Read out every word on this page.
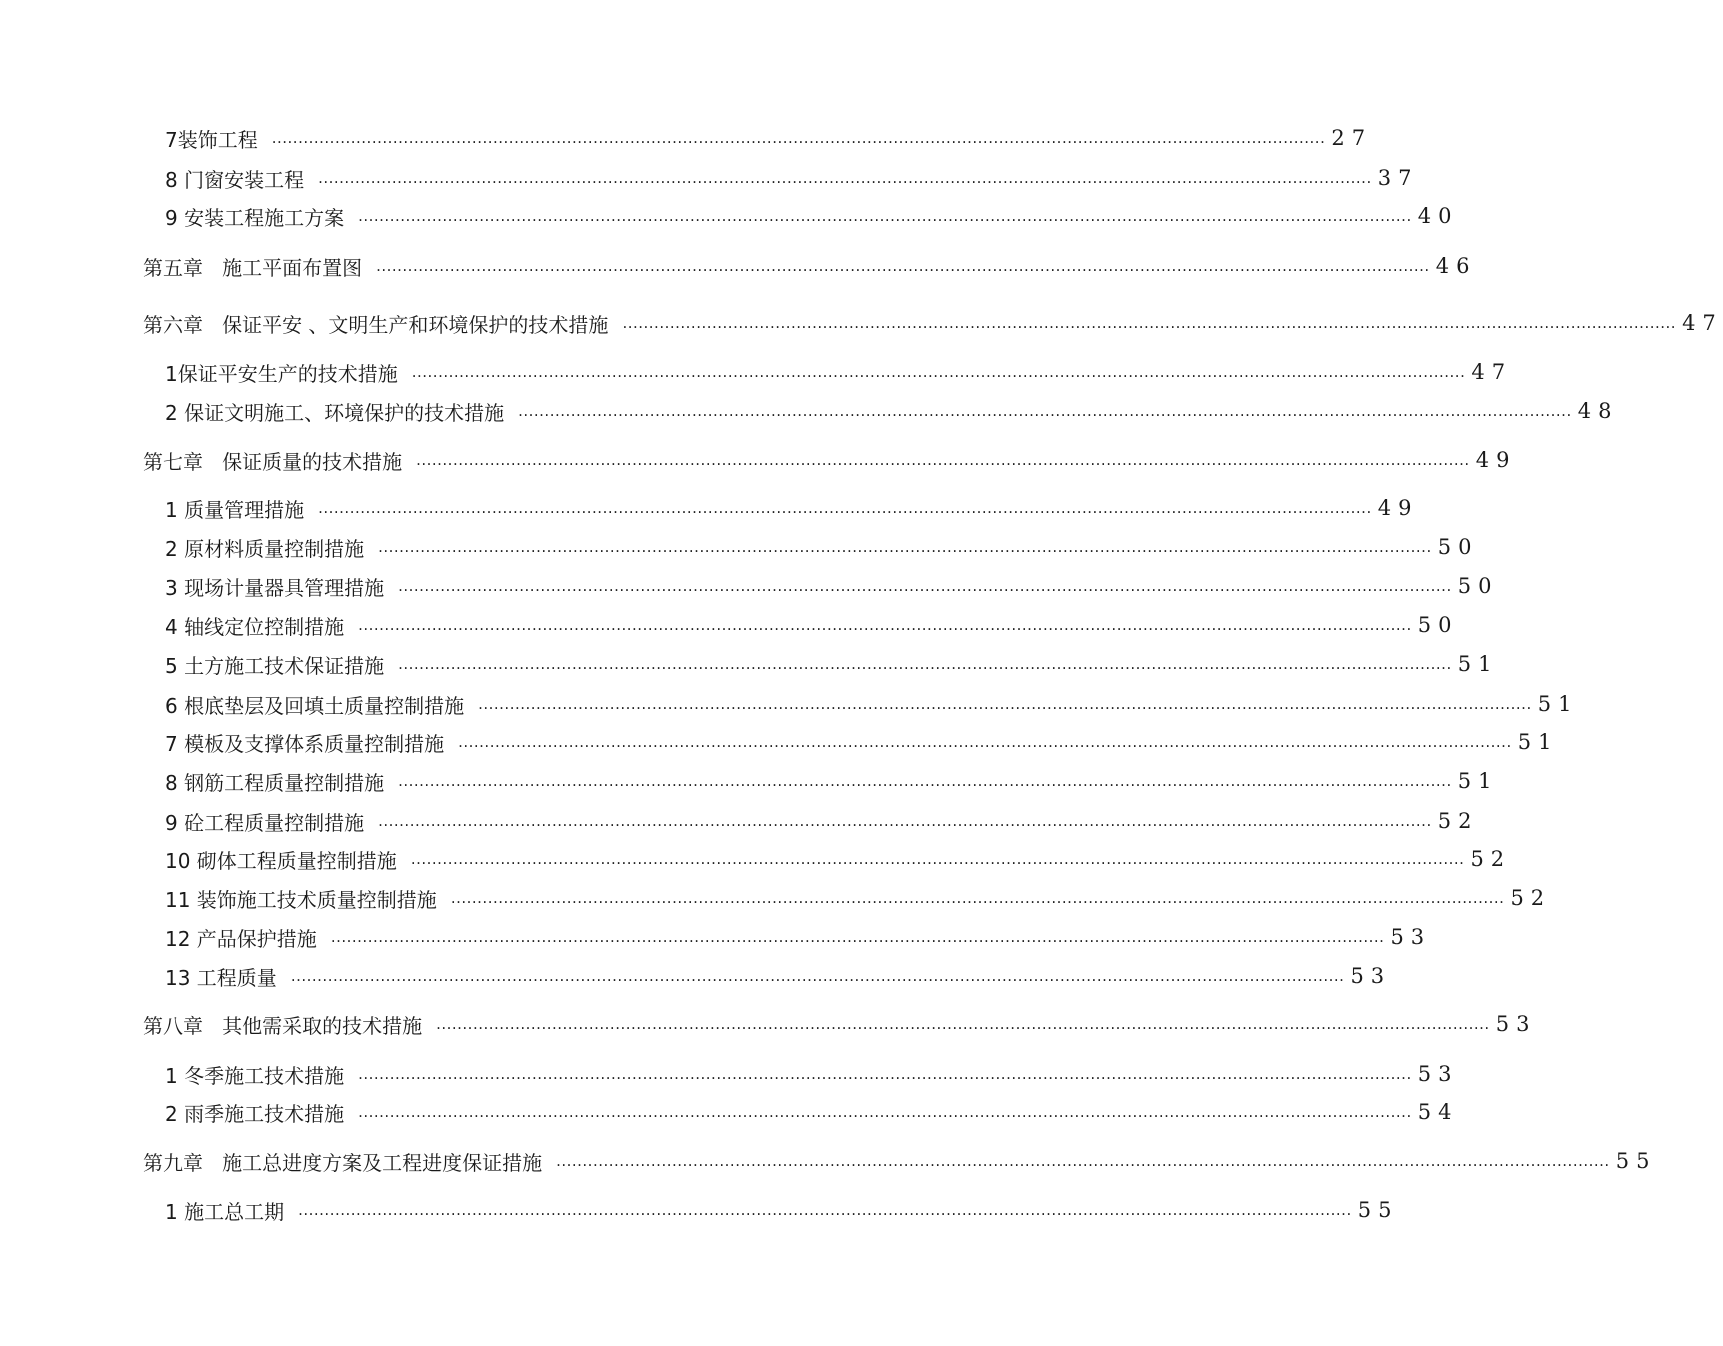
7装饰工程 ........................................................................................................................................................................................................ 27
8 门窗安装工程 ........................................................................................................................................................................................................ 37
9 安装工程施工方案 ........................................................................................................................................................................................................ 40
第五章   施工平面布置图 ........................................................................................................................................................................................................ 46
第六章   保证平安 、文明生产和环境保护的技术措施 ........................................................................................................................................................................................................ 47
1保证平安生产的技术措施 ........................................................................................................................................................................................................ 47
2 保证文明施工、环境保护的技术措施 ........................................................................................................................................................................................................ 48
第七章   保证质量的技术措施 ........................................................................................................................................................................................................ 49
1 质量管理措施 ........................................................................................................................................................................................................ 49
2 原材料质量控制措施 ........................................................................................................................................................................................................ 50
3 现场计量器具管理措施 ........................................................................................................................................................................................................ 50
4 轴线定位控制措施 ........................................................................................................................................................................................................ 50
5 土方施工技术保证措施 ........................................................................................................................................................................................................ 51
6 根底垫层及回填土质量控制措施 ........................................................................................................................................................................................................ 51
7 模板及支撑体系质量控制措施 ........................................................................................................................................................................................................ 51
8 钢筋工程质量控制措施 ........................................................................................................................................................................................................ 51
9 砼工程质量控制措施 ........................................................................................................................................................................................................ 52
10 砌体工程质量控制措施 ........................................................................................................................................................................................................ 52
11 装饰施工技术质量控制措施 ........................................................................................................................................................................................................ 52
12 产品保护措施 ........................................................................................................................................................................................................ 53
13 工程质量 ........................................................................................................................................................................................................ 53
第八章   其他需采取的技术措施 ........................................................................................................................................................................................................ 53
1 冬季施工技术措施 ........................................................................................................................................................................................................ 53
2 雨季施工技术措施 ........................................................................................................................................................................................................ 54
第九章   施工总进度方案及工程进度保证措施 ........................................................................................................................................................................................................ 55
1 施工总工期 ........................................................................................................................................................................................................ 55
